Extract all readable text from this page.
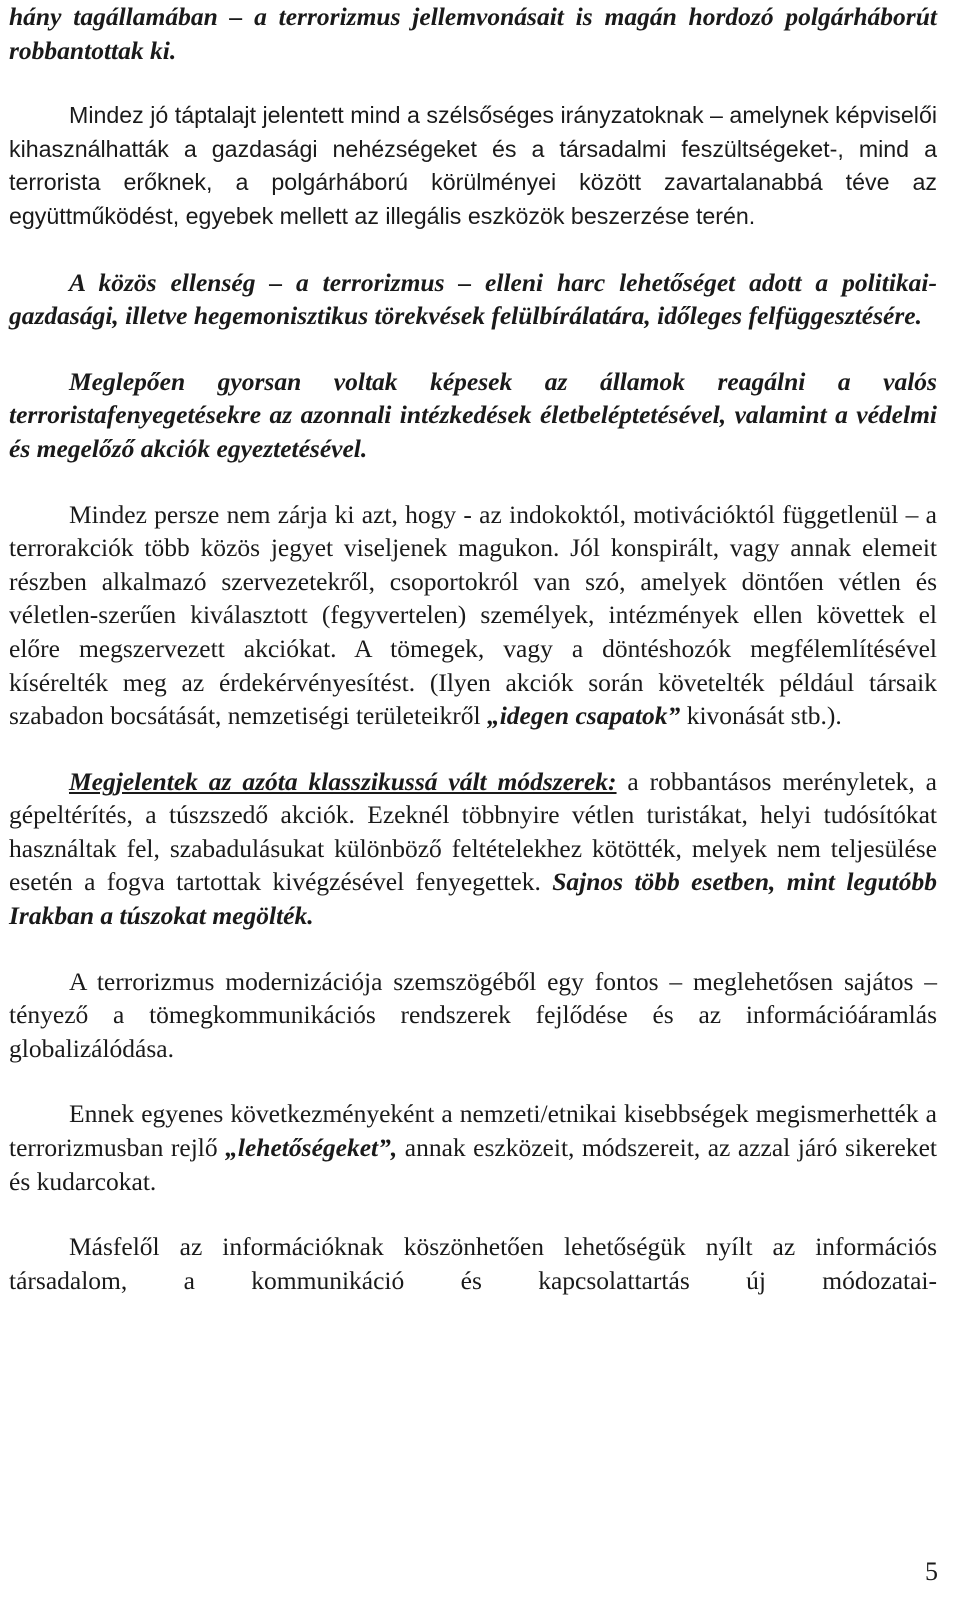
hány tagállamában – a terrorizmus jellemvonásait is magán hordozó polgárháborút robbantottak ki.

Mindez jó táptalajt jelentett mind a szélsőséges irányzatoknak – amelynek képviselői kihasználhatták a gazdasági nehézségeket és a társadalmi feszültségeket-, mind a terrorista erőknek, a polgárháború körülményei között zavartalanabbá téve az együttműködést, egyebek mellett az illegális eszközök beszerzése terén.

A közös ellenség – a terrorizmus – elleni harc lehetőséget adott a politikai-gazdasági, illetve hegemonisztikus törekvések felülbírálatára, időleges felfüggesztésére.

Meglepően gyorsan voltak képesek az államok reagálni a valós terroristafenyegetésekre az azonnali intézkedések életbeléptetésével, valamint a védelmi és megelőző akciók egyeztetésével.

Mindez persze nem zárja ki azt, hogy - az indokoktól, motivációktól függetlenül – a terrorakciók több közös jegyet viseljenek magukon. Jól konspirált, vagy annak elemeit részben alkalmazó szervezetekről, csoportokról van szó, amelyek döntően vétlen és véletlen-szerűen kiválasztott (fegyvertelen) személyek, intézmények ellen követtek el előre megszervezett akciókat. A tömegek, vagy a döntéshozók megfélemlítésével kísérelték meg az érdekérvényesítést. (Ilyen akciók során követelték például társaik szabadon bocsátását, nemzetiségi területeikről „idegen csapatok” kivonását stb.).

Megjelentek az azóta klasszikussá vált módszerek: a robbantásos merényletek, a gépeltérítés, a túszszedő akciók. Ezeknél többnyire vétlen turistákat, helyi tudósítókat használtak fel, szabadulásukat különböző feltételekhez kötötték, melyek nem teljesülése esetén a fogva tartottak kivégzésével fenyegettek. Sajnos több esetben, mint legutóbb Irakban a túszokat megölték.

A terrorizmus modernizációja szemszögéből egy fontos – meglehetősen sajátos – tényező a tömegkommunikációs rendszerek fejlődése és az információáramlás globalizálódása.

Ennek egyenes következményeként a nemzeti/etnikai kisebbségek megismerhették a terrorizmusban rejlő „lehetőségeket”, annak eszközeit, módszereit, az azzal járó sikereket és kudarcokat.

Másfelől az információknak köszönhetően lehetőségük nyílt az információs társadalom, a kommunikáció és kapcsolattartás új módozatai-

5
